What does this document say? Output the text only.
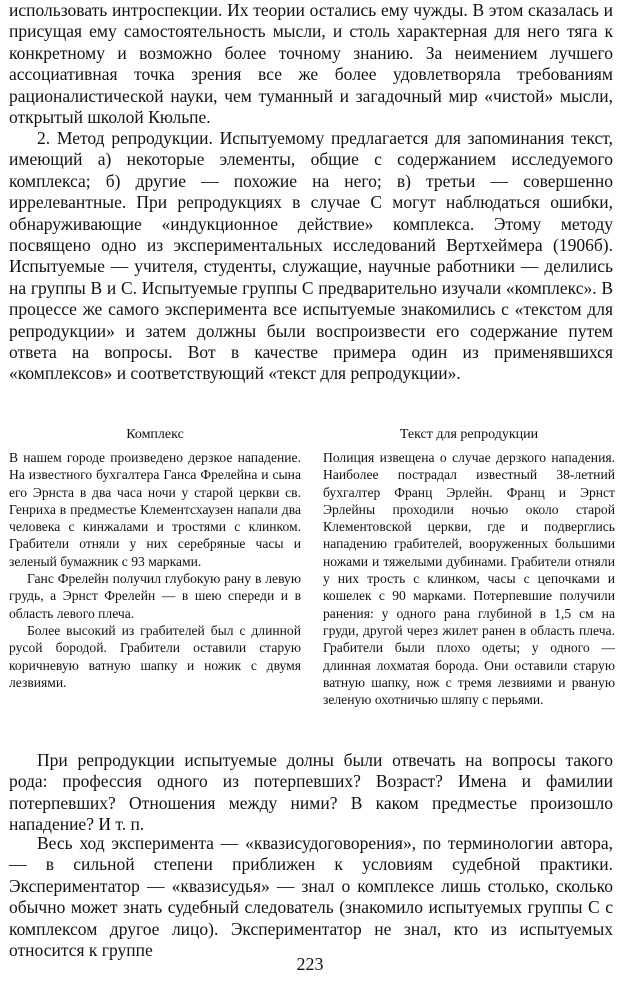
использовать интроспекции. Их теории остались ему чужды. В этом сказалась и присущая ему самостоятельность мысли, и столь характерная для него тяга к конкретному и возможно более точному знанию. За неимением лучшего ассоциативная точка зрения все же более удовлетворяла требованиям рационалистической науки, чем туманный и загадочный мир «чистой» мысли, открытый школой Кюльпе.

2. Метод репродукции. Испытуемому предлагается для запоминания текст, имеющий а) некоторые элементы, общие с содержанием исследуемого комплекса; б) другие — похожие на него; в) третьи — совершенно иррелевантные. При репродукциях в случае С могут наблюдаться ошибки, обнаруживающие «индукционное действие» комплекса. Этому методу посвящено одно из экспериментальных исследований Вертхеймера (1906б). Испытуемые — учителя, студенты, служащие, научные работники — делились на группы В и С. Испытуемые группы С предварительно изучали «комплекс». В процессе же самого эксперимента все испытуемые знакомились с «текстом для репродукции» и затем должны были воспроизвести его содержание путем ответа на вопросы. Вот в качестве примера один из применявшихся «комплексов» и соответствующий «текст для репродукции».

Комплекс

В нашем городе произведено дерзкое нападение. На известного бухгалтера Ганса Фрелейна и сына его Эрнста в два часа ночи у старой церкви св. Генриха в предместье Клементсхаузен напали два человека с кинжалами и тростями с клинком. Грабители отняли у них серебряные часы и зеленый бумажник с 93 марками.

Ганс Фрелейн получил глубокую рану в левую грудь, а Эрнст Фрелейн — в шею спереди и в область левого плеча.

Более высокий из грабителей был с длинной русой бородой. Грабители оставили старую коричневую ватную шапку и ножик с двумя лезвиями.

Текст для репродукции

Полиция извещена о случае дерзкого нападения. Наиболее пострадал известный 38-летний бухгалтер Франц Эрлейн. Франц и Эрнст Эрлейны проходили ночью около старой Клементовской церкви, где и подверглись нападению грабителей, вооруженных большими ножами и тяжелыми дубинами. Грабители отняли у них трость с клинком, часы с цепочками и кошелек с 90 марками. Потерпевшие получили ранения: у одного рана глубиной в 1,5 см на груди, другой через жилет ранен в область плеча. Грабители были плохо одеты; у одного — длинная лохматая борода. Они оставили старую ватную шапку, нож с тремя лезвиями и рваную зеленую охотничью шляпу с перьями.

При репродукции испытуемые долны были отвечать на вопросы такого рода: профессия одного из потерпевших? Возраст? Имена и фамилии потерпевших? Отношения между ними? В каком предместье произошло нападение? И т. п.

Весь ход эксперимента — «квазисудоговорения», по терминологии автора,— в сильной степени приближен к условиям судебной практики. Экспериментатор — «квазисудья» — знал о комплексе лишь столько, сколько обычно может знать судебный следователь (знакомило испытуемых группы С с комплексом другое лицо). Экспериментатор не знал, кто из испытуемых относится к группе

223
